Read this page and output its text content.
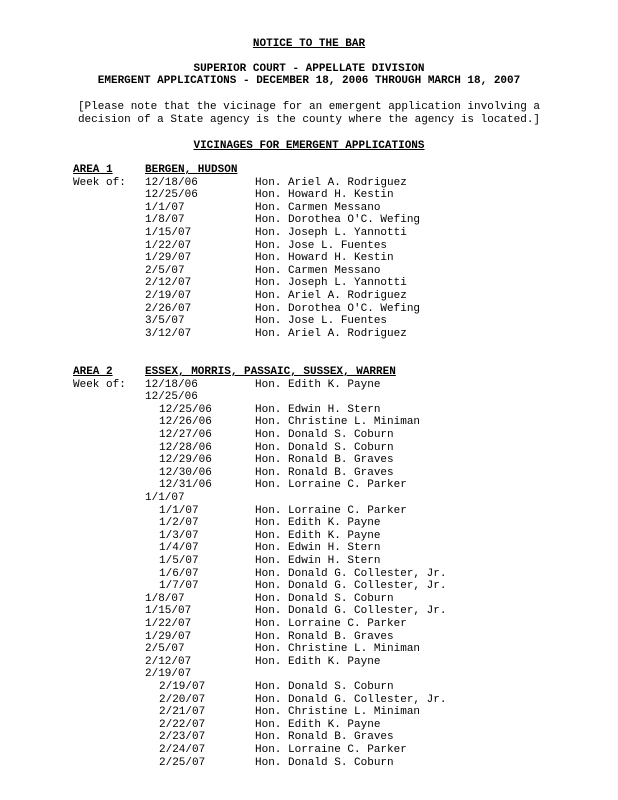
NOTICE TO THE BAR
SUPERIOR COURT - APPELLATE DIVISION
EMERGENT APPLICATIONS - DECEMBER 18, 2006 THROUGH MARCH 18, 2007
[Please note that the vicinage for an emergent application involving a
decision of a State agency is the county where the agency is located.]
VICINAGES FOR EMERGENT APPLICATIONS
AREA 1	BERGEN, HUDSON
Week of: 12/18/06	Hon. Ariel A. Rodriguez
12/25/06	Hon. Howard H. Kestin
1/1/07	Hon. Carmen Messano
1/8/07	Hon. Dorothea O'C. Wefing
1/15/07	Hon. Joseph L. Yannotti
1/22/07	Hon. Jose L. Fuentes
1/29/07	Hon. Howard H. Kestin
2/5/07	Hon. Carmen Messano
2/12/07	Hon. Joseph L. Yannotti
2/19/07	Hon. Ariel A. Rodriguez
2/26/07	Hon. Dorothea O'C. Wefing
3/5/07	Hon. Jose L. Fuentes
3/12/07	Hon. Ariel A. Rodriguez
AREA 2	ESSEX, MORRIS, PASSAIC, SUSSEX, WARREN
Week of: 12/18/06	Hon. Edith K. Payne
12/25/06
12/25/06	Hon. Edwin H. Stern
12/26/06	Hon. Christine L. Miniman
12/27/06	Hon. Donald S. Coburn
12/28/06	Hon. Donald S. Coburn
12/29/06	Hon. Ronald B. Graves
12/30/06	Hon. Ronald B. Graves
12/31/06	Hon. Lorraine C. Parker
1/1/07
1/1/07	Hon. Lorraine C. Parker
1/2/07	Hon. Edith K. Payne
1/3/07	Hon. Edith K. Payne
1/4/07	Hon. Edwin H. Stern
1/5/07	Hon. Edwin H. Stern
1/6/07	Hon. Donald G. Collester, Jr.
1/7/07	Hon. Donald G. Collester, Jr.
1/8/07	Hon. Donald S. Coburn
1/15/07	Hon. Donald G. Collester, Jr.
1/22/07	Hon. Lorraine C. Parker
1/29/07	Hon. Ronald B. Graves
2/5/07	Hon. Christine L. Miniman
2/12/07	Hon. Edith K. Payne
2/19/07
2/19/07	Hon. Donald S. Coburn
2/20/07	Hon. Donald G. Collester, Jr.
2/21/07	Hon. Christine L. Miniman
2/22/07	Hon. Edith K. Payne
2/23/07	Hon. Ronald B. Graves
2/24/07	Hon. Lorraine C. Parker
2/25/07	Hon. Donald S. Coburn
